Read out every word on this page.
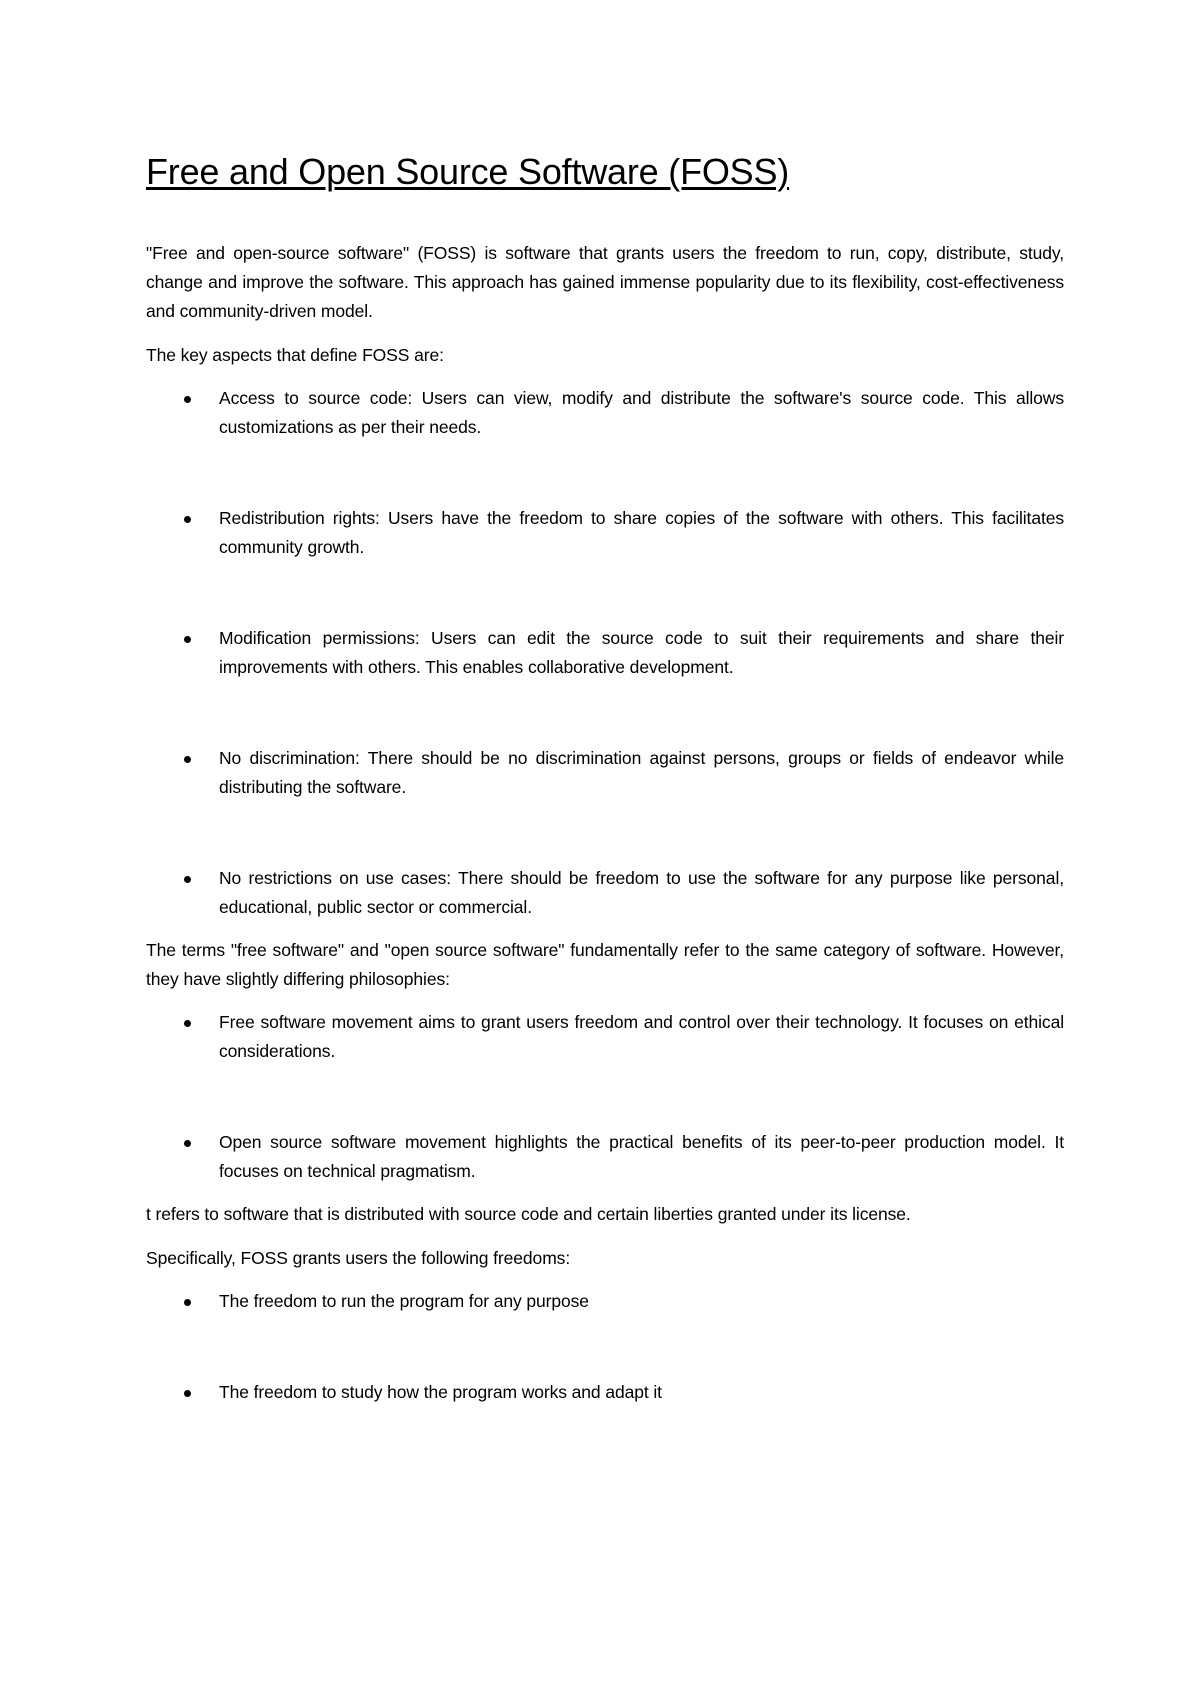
Free and Open Source Software (FOSS)

"Free and open-source software" (FOSS) is software that grants users the freedom to run, copy, distribute, study, change and improve the software. This approach has gained immense popularity due to its flexibility, cost-effectiveness and community-driven model.

The key aspects that define FOSS are:

Access to source code: Users can view, modify and distribute the software's source code. This allows customizations as per their needs.

Redistribution rights: Users have the freedom to share copies of the software with others. This facilitates community growth.

Modification permissions: Users can edit the source code to suit their requirements and share their improvements with others. This enables collaborative development.

No discrimination: There should be no discrimination against persons, groups or fields of endeavor while distributing the software.

No restrictions on use cases: There should be freedom to use the software for any purpose like personal, educational, public sector or commercial.

The terms "free software" and "open source software" fundamentally refer to the same category of software. However, they have slightly differing philosophies:

Free software movement aims to grant users freedom and control over their technology. It focuses on ethical considerations.

Open source software movement highlights the practical benefits of its peer-to-peer production model. It focuses on technical pragmatism.

t refers to software that is distributed with source code and certain liberties granted under its license.

Specifically, FOSS grants users the following freedoms:

The freedom to run the program for any purpose

The freedom to study how the program works and adapt it
